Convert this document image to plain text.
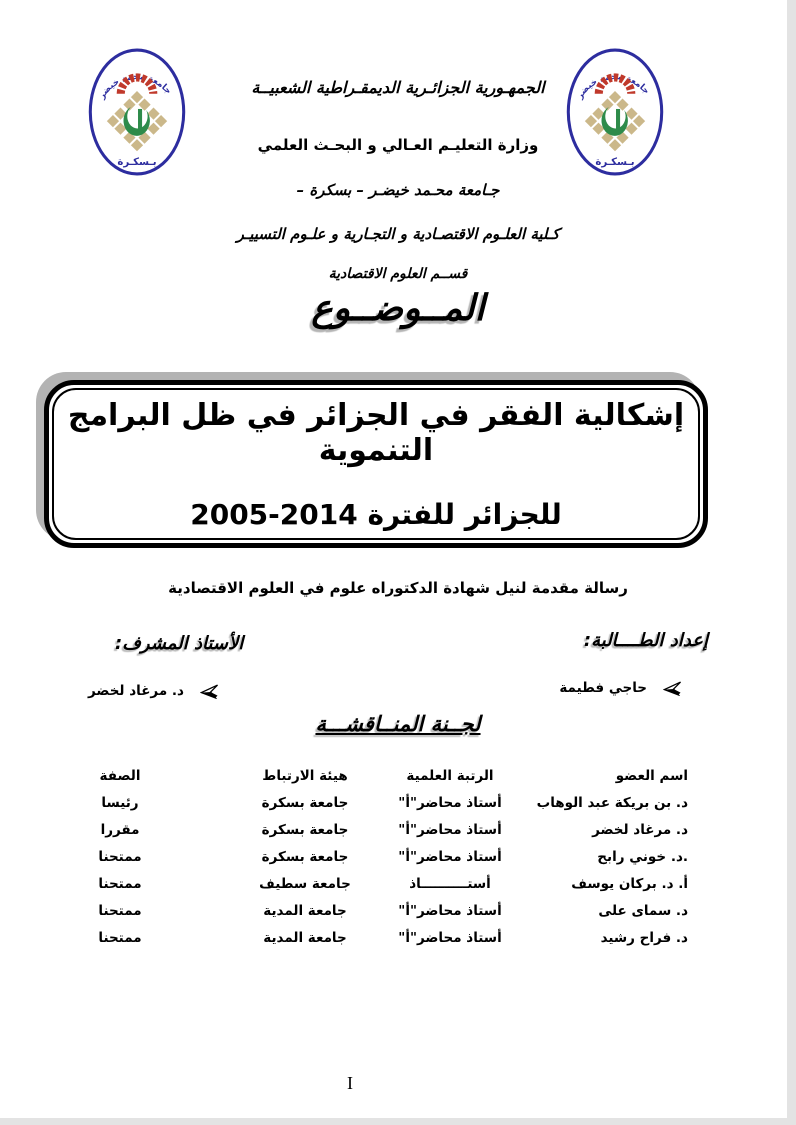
جامعة محمد خيضر
بـسكـرة
جامعة محمد خيضر
بـسكـرة
الجمهـورية الجزائـرية الديمقـراطية الشعبيــة
وزارة التعليـم العـالي و البحـث العلمي
جـامعة محـمد خيضـر – بسكرة –
كـلية العلـوم الاقتصـادية و التجـارية و علـوم التسييـر
قســم العلوم الاقتصادية
المــوضــوع
إشكالية الفقر في الجزائر في ظل البرامج التنموية
للجزائر للفترة 2014-2005
رسالة مقدمة لنيل شهادة الدكتوراه علوم في العلوم الاقتصادية
إعداد الطــــالبة:
الأستاذ المشرف:
حاجي فطيمة
د. مرغاد لخضر
لجــنة المنــاقشـــة
اسم العضو
الرتبة العلمية
هيئة الارتباط
الصفة
د. بن بريكة عبد الوهاب
أستاذ محاضر"أ"
جامعة بسكرة
رئيسا
د. مرغاد لخضر
أستاذ محاضر"أ"
جامعة بسكرة
مقررا
.د. خوني رابح
أستاذ محاضر"أ"
جامعة بسكرة
ممتحنا
أ. د. بركان يوسف
أستــــــــــاذ
جامعة سطيف
ممتحنا
د. سماى على
أستاذ محاضر"أ"
جامعة المدية
ممتحنا
د. فراح رشيد
أستاذ محاضر"أ"
جامعة المدية
ممتحنا
I
